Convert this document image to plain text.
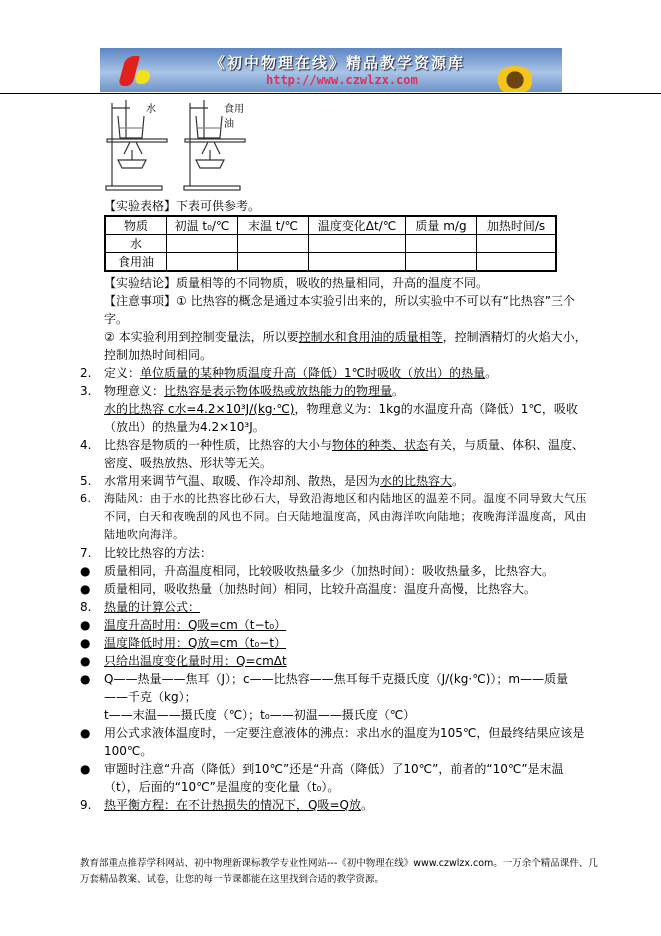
《初中物理在线》精品教学资源库
http://www.czwlzx.com
水	食用油
【实验表格】下表可供参考。
物质	初温 t₀/℃	末温 t/℃	温度变化Δt/℃	质量 m/g	加热时间/s
水					
食用油					
【实验结论】质量相等的不同物质，吸收的热量相同，升高的温度不同。
【注意事项】① 比热容的概念是通过本实验引出来的，所以实验中不可以有“比热容”三个字。
② 本实验利用到控制变量法，所以要控制水和食用油的质量相等，控制酒精灯的火焰大小，控制加热时间相同。
2. 定义：单位质量的某种物质温度升高（降低）1℃时吸收（放出）的热量。
3. 物理意义：比热容是表示物体吸热或放热能力的物理量。
水的比热容 c水=4.2×10³J/(kg·℃)，物理意义为：1kg的水温度升高（降低）1℃，吸收（放出）的热量为4.2×10³J。
4. 比热容是物质的一种性质，比热容的大小与物体的种类、状态有关，与质量、体积、温度、密度、吸热放热、形状等无关。
5. 水常用来调节气温、取暖、作冷却剂、散热，是因为水的比热容大。
6. 海陆风：由于水的比热容比砂石大，导致沿海地区和内陆地区的温差不同。温度不同导致大气压不同，白天和夜晚刮的风也不同。白天陆地温度高，风由海洋吹向陆地；夜晚海洋温度高，风由陆地吹向海洋。
7. 比较比热容的方法：
● 质量相同，升高温度相同，比较吸收热量多少（加热时间）：吸收热量多，比热容大。
● 质量相同，吸收热量（加热时间）相同，比较升高温度：温度升高慢，比热容大。
8. 热量的计算公式：
● 温度升高时用：Q吸=cm（t−t₀）
● 温度降低时用：Q放=cm（t₀−t）
● 只给出温度变化量时用：Q=cmΔt
● Q——热量——焦耳（J）；c——比热容——焦耳每千克摄氏度（J/(kg·℃)）；m——质量——千克（kg）；
t——末温——摄氏度（℃）；t₀——初温——摄氏度（℃）
● 用公式求液体温度时，一定要注意液体的沸点：求出水的温度为105℃，但最终结果应该是100℃。
● 审题时注意“升高（降低）到10℃”还是“升高（降低）了10℃”，前者的“10℃”是末温（t），后面的“10℃”是温度的变化量（t₀）。
9. 热平衡方程：在不计热损失的情况下，Q吸=Q放。
教育部重点推荐学科网站、初中物理新课标教学专业性网站---《初中物理在线》www.czwlzx.com。一万余个精品课件、几万套精品教案、试卷，让您的每一节课都能在这里找到合适的教学资源。
